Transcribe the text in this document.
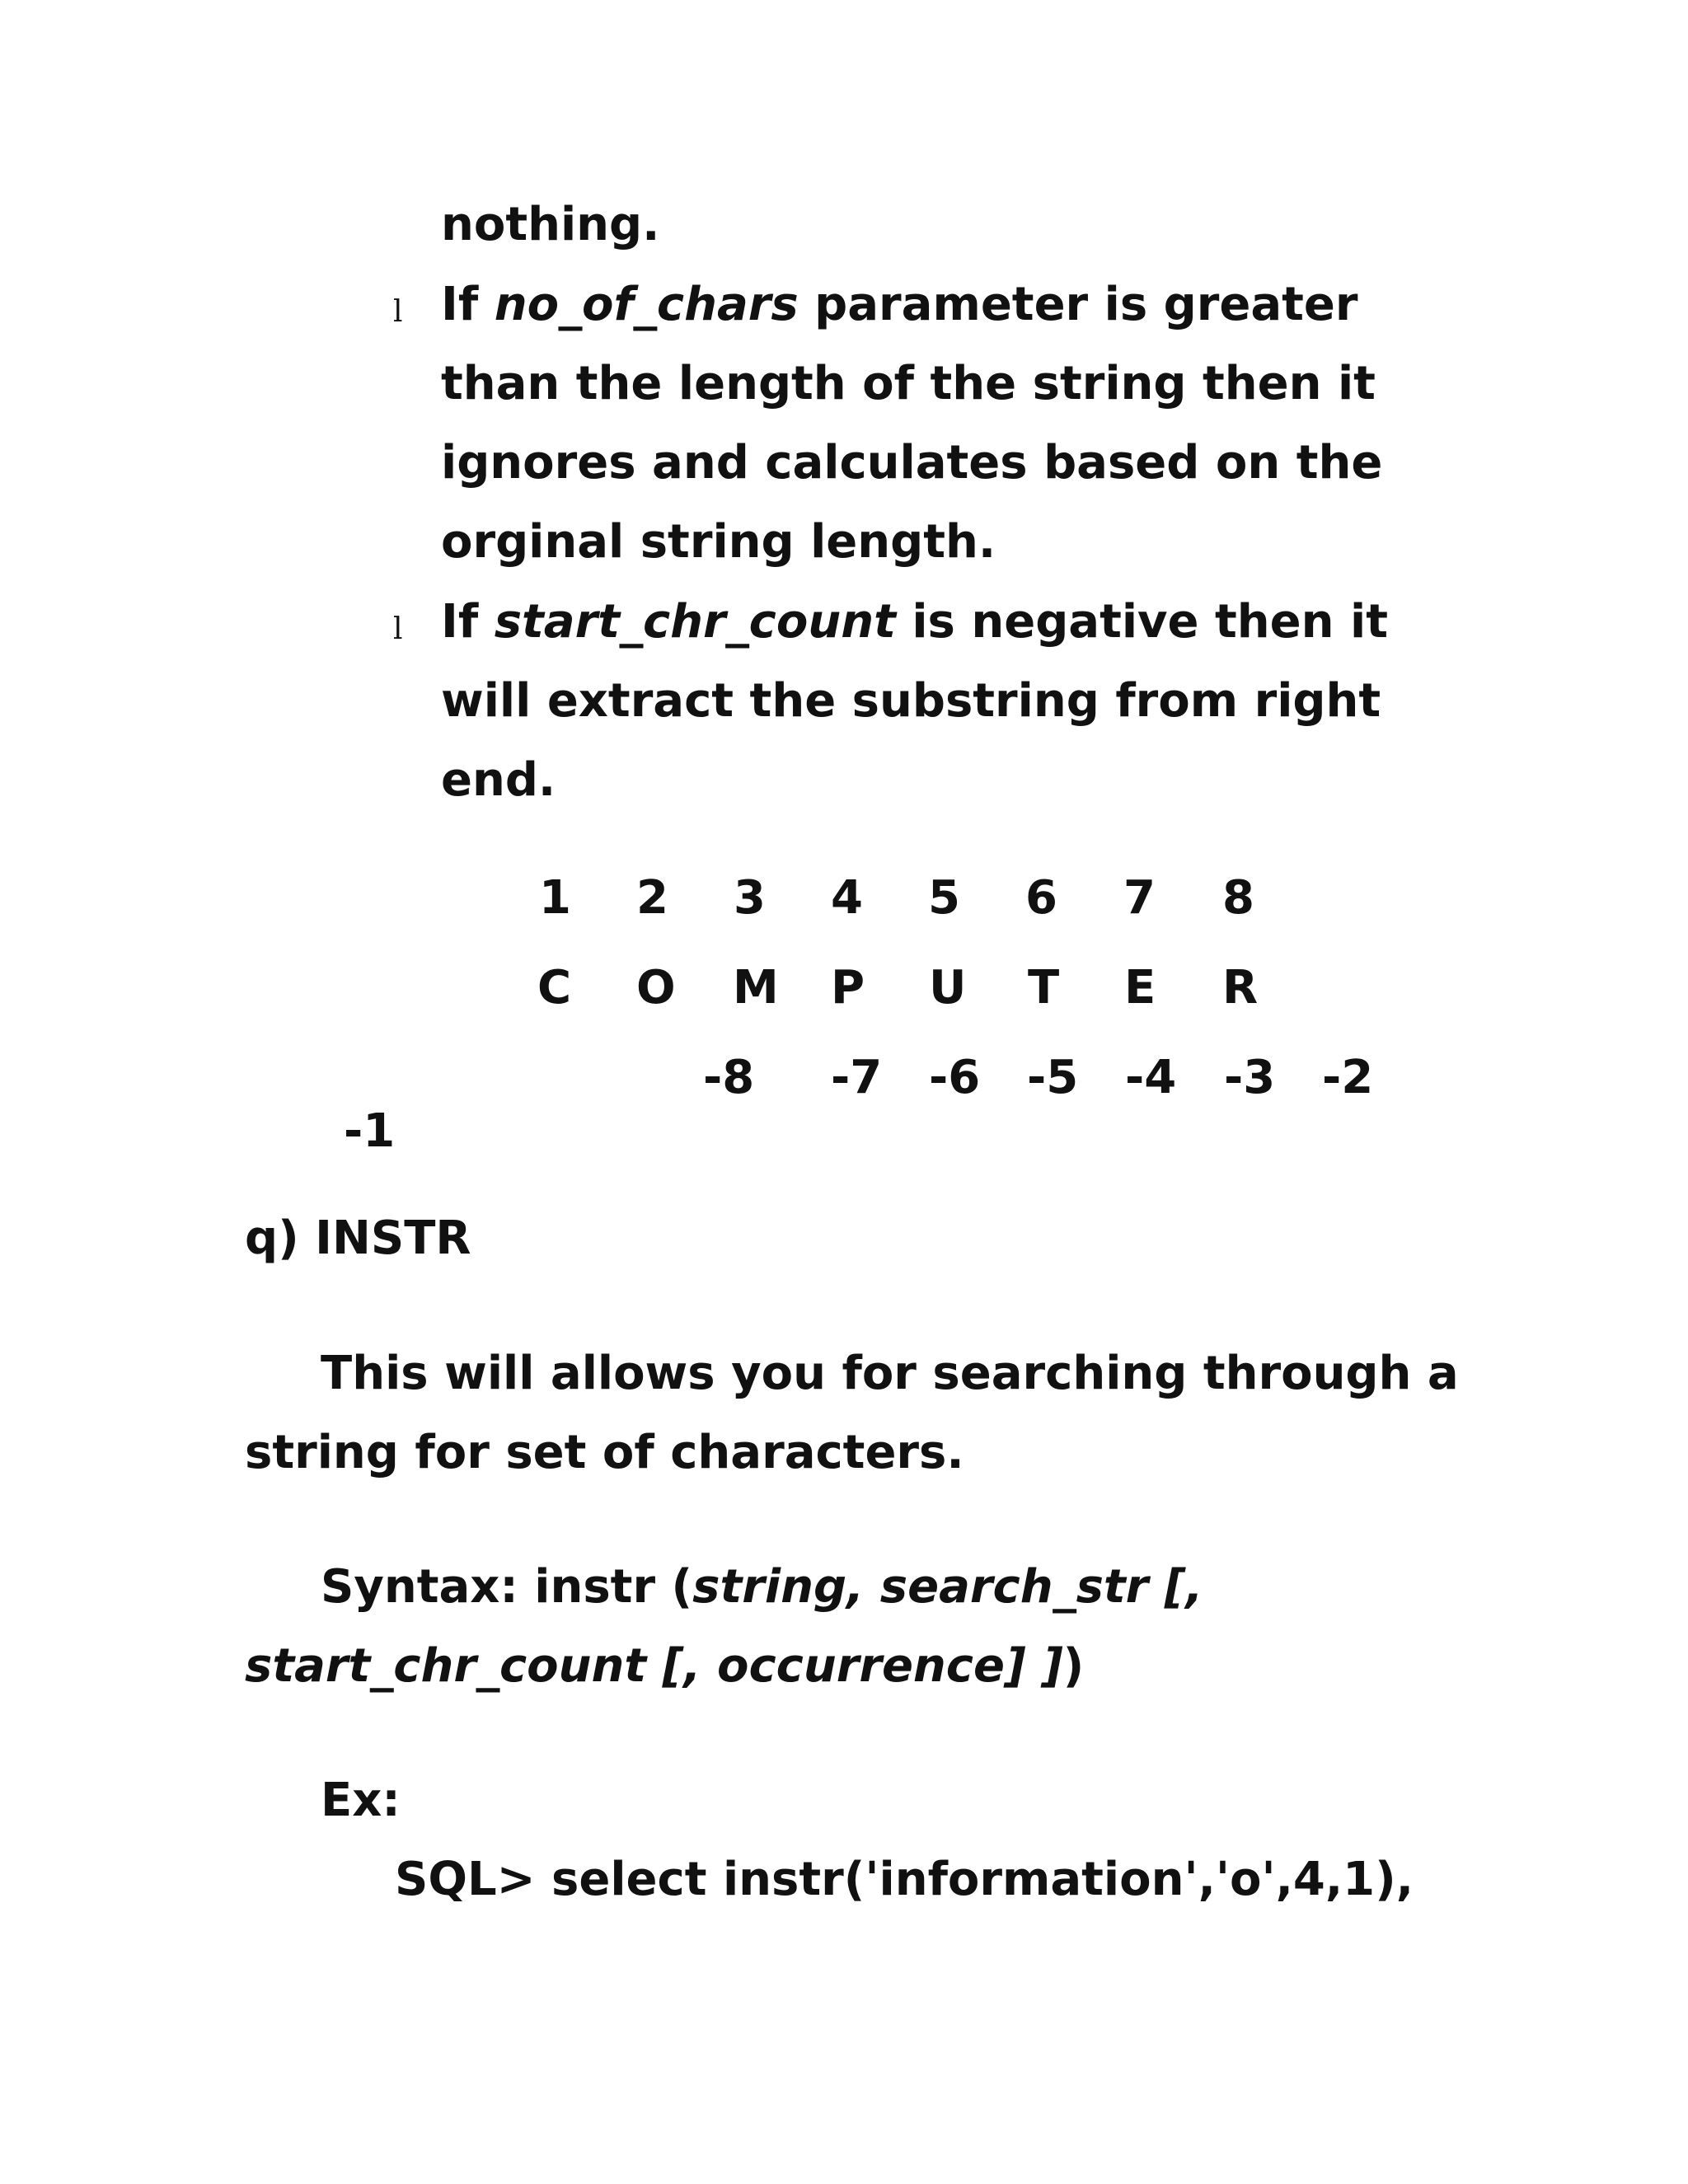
nothing.
l If no_of_chars parameter is greater
than the length of the string then it
ignores and calculates based on the
orginal string length.
l If start_chr_count is negative then it
will extract the substring from right
end.
1 2 3 4 5 6 7 8
C O M P U T E R
-8 -7 -6 -5 -4 -3 -2
-1
q) INSTR
This will allows you for searching through a
string for set of characters.
Syntax: instr (string, search_str [,
start_chr_count [, occurrence] ])
Ex:
SQL> select instr('information','o',4,1),
